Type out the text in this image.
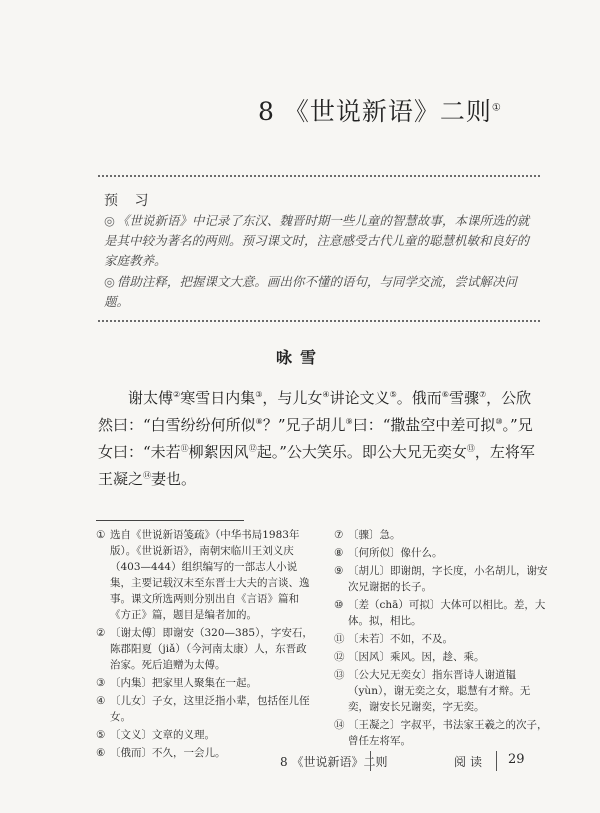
8 《世说新语》二则①
预 习
◎ 《世说新语》中记录了东汉、魏晋时期一些儿童的智慧故事，本课所选的就是其中较为著名的两则。预习课文时，注意感受古代儿童的聪慧机敏和良好的家庭教养。
◎ 借助注释，把握课文大意。画出你不懂的语句，与同学交流，尝试解决问题。
咏雪
谢太傅②寒雪日内集③，与儿女④讲论文义⑤。俄而⑥雪骤⑦，公欣然曰：“白雪纷纷何所似⑧？”兄子胡儿⑨曰：“撒盐空中差可拟⑩。”兄女曰：“未若⑪柳絮因风⑫起。”公大笑乐。即公大兄无奕女⑬，左将军王凝之⑭妻也。
① 选自《世说新语笺疏》（中华书局1983年版）。《世说新语》，南朝宋临川王刘义庆（403—444）组织编写的一部志人小说集，主要记载汉末至东晋士大夫的言谈、逸事。课文所选两则分别出自《言语》篇和《方正》篇，题目是编者加的。
② 〔谢太傅〕即谢安（320—385），字安石，陈郡阳夏（jiǎ）（今河南太康）人，东晋政治家。死后追赠为太傅。
③ 〔内集〕把家里人聚集在一起。
④ 〔儿女〕子女，这里泛指小辈，包括侄儿侄女。
⑤ 〔文义〕文章的义理。
⑥ 〔俄而〕不久，一会儿。
⑦ 〔骤〕急。
⑧ 〔何所似〕像什么。
⑨ 〔胡儿〕即谢朗，字长度，小名胡儿，谢安次兄谢据的长子。
⑩ 〔差（chā）可拟〕大体可以相比。差，大体。拟，相比。
⑪ 〔未若〕不如，不及。
⑫ 〔因风〕乘风。因，趁、乘。
⑬ 〔公大兄无奕女〕指东晋诗人谢道韫（yùn），谢无奕之女，聪慧有才辩。无奕，谢安长兄谢奕，字无奕。
⑭ 〔王凝之〕字叔平，书法家王羲之的次子，曾任左将军。
8 《世说新语》二则	阅读 29
